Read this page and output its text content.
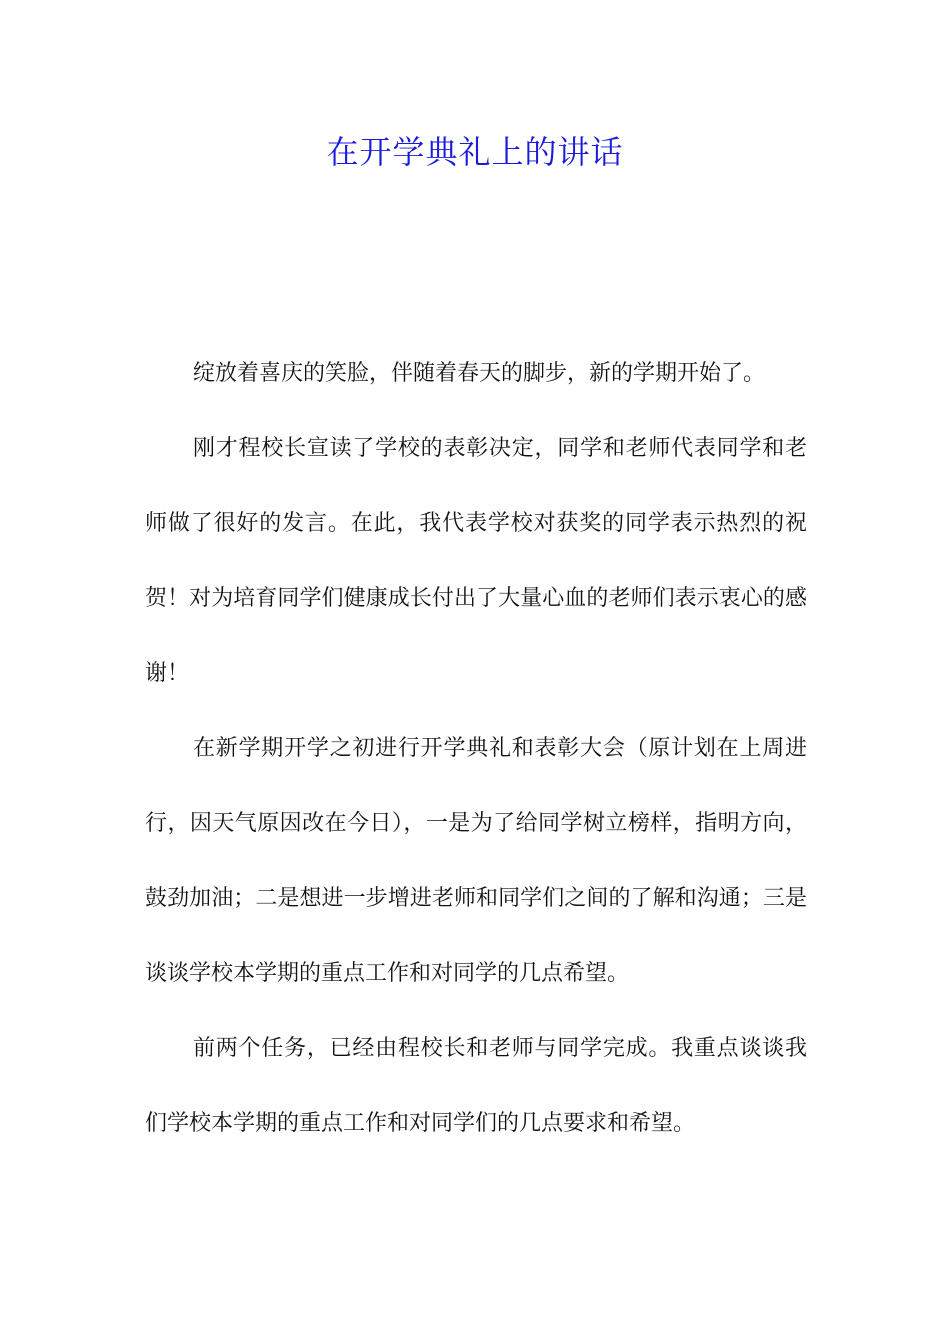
在开学典礼上的讲话

绽放着喜庆的笑脸，伴随着春天的脚步，新的学期开始了。

刚才程校长宣读了学校的表彰决定，同学和老师代表同学和老师做了很好的发言。在此，我代表学校对获奖的同学表示热烈的祝贺！对为培育同学们健康成长付出了大量心血的老师们表示衷心的感谢！

在新学期开学之初进行开学典礼和表彰大会（原计划在上周进行，因天气原因改在今日），一是为了给同学树立榜样，指明方向，鼓劲加油；二是想进一步增进老师和同学们之间的了解和沟通；三是谈谈学校本学期的重点工作和对同学的几点希望。

前两个任务，已经由程校长和老师与同学完成。我重点谈谈我们学校本学期的重点工作和对同学们的几点要求和希望。
